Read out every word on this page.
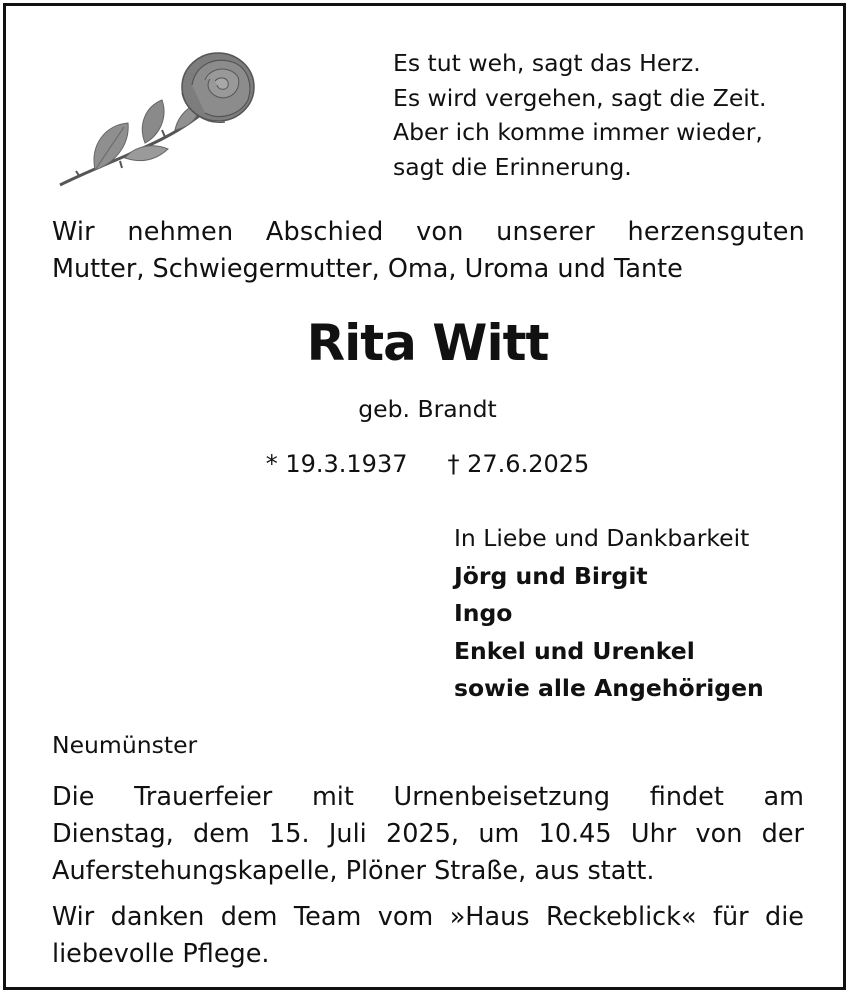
Es tut weh, sagt das Herz.
Es wird vergehen, sagt die Zeit.
Aber ich komme immer wieder,
sagt die Erinnerung.
Wir nehmen Abschied von unserer herzensguten
Mutter, Schwiegermutter, Oma, Uroma und Tante
Rita Witt
geb. Brandt
* 19.3.1937 † 27.6.2025
In Liebe und Dankbarkeit
Jörg und Birgit
Ingo
Enkel und Urenkel
sowie alle Angehörigen
Neumünster
Die Trauerfeier mit Urnenbeisetzung findet am
Dienstag, dem 15. Juli 2025, um 10.45 Uhr von der
Auferstehungskapelle, Plöner Straße, aus statt.
Wir danken dem Team vom »Haus Reckeblick« für die
liebevolle Pflege.
